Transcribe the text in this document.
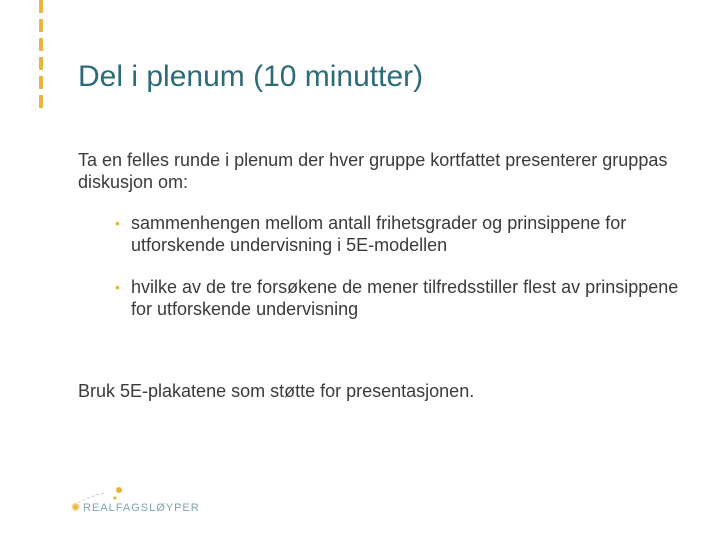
Del i plenum (10 minutter)

Ta en felles runde i plenum der hver gruppe kortfattet presenterer gruppas diskusjon om:

• sammenhengen mellom antall frihetsgrader og prinsippene for utforskende undervisning i 5E-modellen
• hvilke av de tre forsøkene de mener tilfredsstiller flest av prinsippene for utforskende undervisning

Bruk 5E-plakatene som støtte for presentasjonen.

✺ REALFAGSLØYPER
